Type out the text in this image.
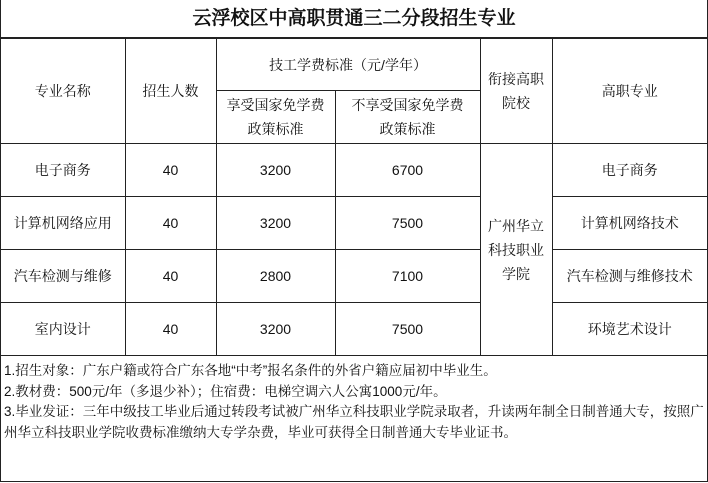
云浮校区中高职贯通三二分段招生专业
专业名称	招生人数	技工学费标准（元/学年）		衔接高职院校	高职专业

		享受国家免学费政策标准	不享受国家免学费政策标准		

电子商务	40	3200	6700	广州华立科技职业学院	电子商务
计算机网络应用	40	3200	7500		计算机网络技术
汽车检测与维修	40	2800	7100		汽车检测与维修技术
室内设计	40	3200	7500		环境艺术设计
1.招生对象：广东户籍或符合广东各地“中考”报名条件的外省户籍应届初中毕业生。
2.教材费：500元/年（多退少补）；住宿费：电梯空调六人公寓1000元/年。
3.毕业发证：三年中级技工毕业后通过转段考试被广州华立科技职业学院录取者，升读两年制全日制普通大专，按照广州华立科技职业学院收费标准缴纳大专学杂费，毕业可获得全日制普通大专毕业证书。
